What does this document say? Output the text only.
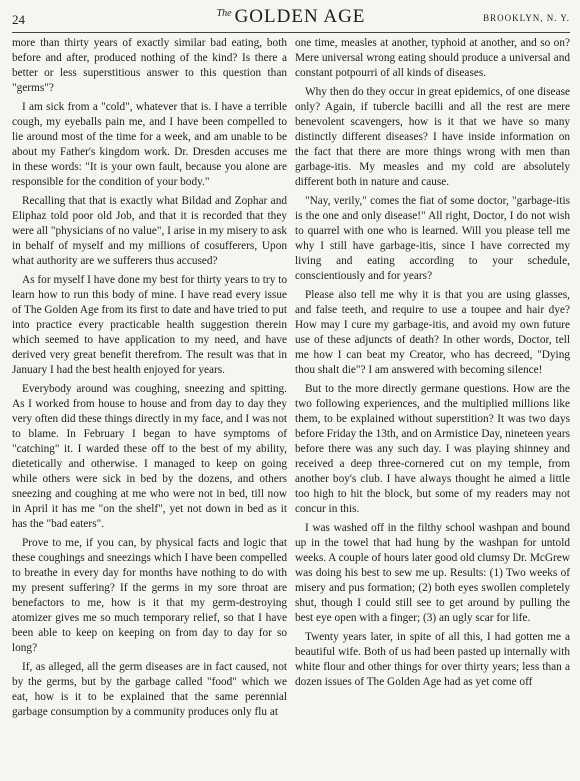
24	$^{The}$ GOLDEN AGE	BROOKLYN, N. Y.

more than thirty years of exactly similar bad eating, both before and after, produced nothing of the kind? Is there a better or less superstitious answer to this question than "germs"?

I am sick from a "cold", whatever that is. I have a terrible cough, my eyeballs pain me, and I have been compelled to lie around most of the time for a week, and am unable to be about my Father's kingdom work. Dr. Dresden accuses me in these words: "It is your own fault, because you alone are responsible for the condition of your body."

Recalling that that is exactly what Bildad and Zophar and Eliphaz told poor old Job, and that it is recorded that they were all "physicians of no value", I arise in my misery to ask in behalf of myself and my millions of cosufferers, Upon what authority are we sufferers thus accused?

As for myself I have done my best for thirty years to try to learn how to run this body of mine. I have read every issue of The Golden Age from its first to date and have tried to put into practice every practicable health suggestion therein which seemed to have application to my need, and have derived very great benefit therefrom. The result was that in January I had the best health enjoyed for years.

Everybody around was coughing, sneezing and spitting. As I worked from house to house and from day to day they very often did these things directly in my face, and I was not to blame. In February I began to have symptoms of "catching" it. I warded these off to the best of my ability, dietetically and otherwise. I managed to keep on going while others were sick in bed by the dozens, and others sneezing and coughing at me who were not in bed, till now in April it has me "on the shelf", yet not down in bed as it has the "bad eaters".

Prove to me, if you can, by physical facts and logic that these coughings and sneezings which I have been compelled to breathe in every day for months have nothing to do with my present suffering? If the germs in my sore throat are benefactors to me, how is it that my germ-destroying atomizer gives me so much temporary relief, so that I have been able to keep on keeping on from day to day for so long?

If, as alleged, all the germ diseases are in fact caused, not by the germs, but by the garbage called "food" which we eat, how is it to be explained that the same perennial garbage consumption by a community produces only flu at

one time, measles at another, typhoid at another, and so on? Mere universal wrong eating should produce a universal and constant potpourri of all kinds of diseases.

Why then do they occur in great epidemics, of one disease only? Again, if tubercle bacilli and all the rest are mere benevolent scavengers, how is it that we have so many distinctly different diseases? I have inside information on the fact that there are more things wrong with men than garbage-itis. My measles and my cold are absolutely different both in nature and cause.

"Nay, verily," comes the fiat of some doctor, "garbage-itis is the one and only disease!" All right, Doctor, I do not wish to quarrel with one who is learned. Will you please tell me why I still have garbage-itis, since I have corrected my living and eating according to your schedule, conscientiously and for years?

Please also tell me why it is that you are using glasses, and false teeth, and require to use a toupee and hair dye? How may I cure my garbage-itis, and avoid my own future use of these adjuncts of death? In other words, Doctor, tell me how I can beat my Creator, who has decreed, "Dying thou shalt die"? I am answered with becoming silence!

But to the more directly germane questions. How are the two following experiences, and the multiplied millions like them, to be explained without superstition? It was two days before Friday the 13th, and on Armistice Day, nineteen years before there was any such day. I was playing shinney and received a deep three-cornered cut on my temple, from another boy's club. I have always thought he aimed a little too high to hit the block, but some of my readers may not concur in this.

I was washed off in the filthy school washpan and bound up in the towel that had hung by the washpan for untold weeks. A couple of hours later good old clumsy Dr. McGrew was doing his best to sew me up. Results: (1) Two weeks of misery and pus formation; (2) both eyes swollen completely shut, though I could still see to get around by pulling the best eye open with a finger; (3) an ugly scar for life.

Twenty years later, in spite of all this, I had gotten me a beautiful wife. Both of us had been pasted up internally with white flour and other things for over thirty years; less than a dozen issues of The Golden Age had as yet come off
